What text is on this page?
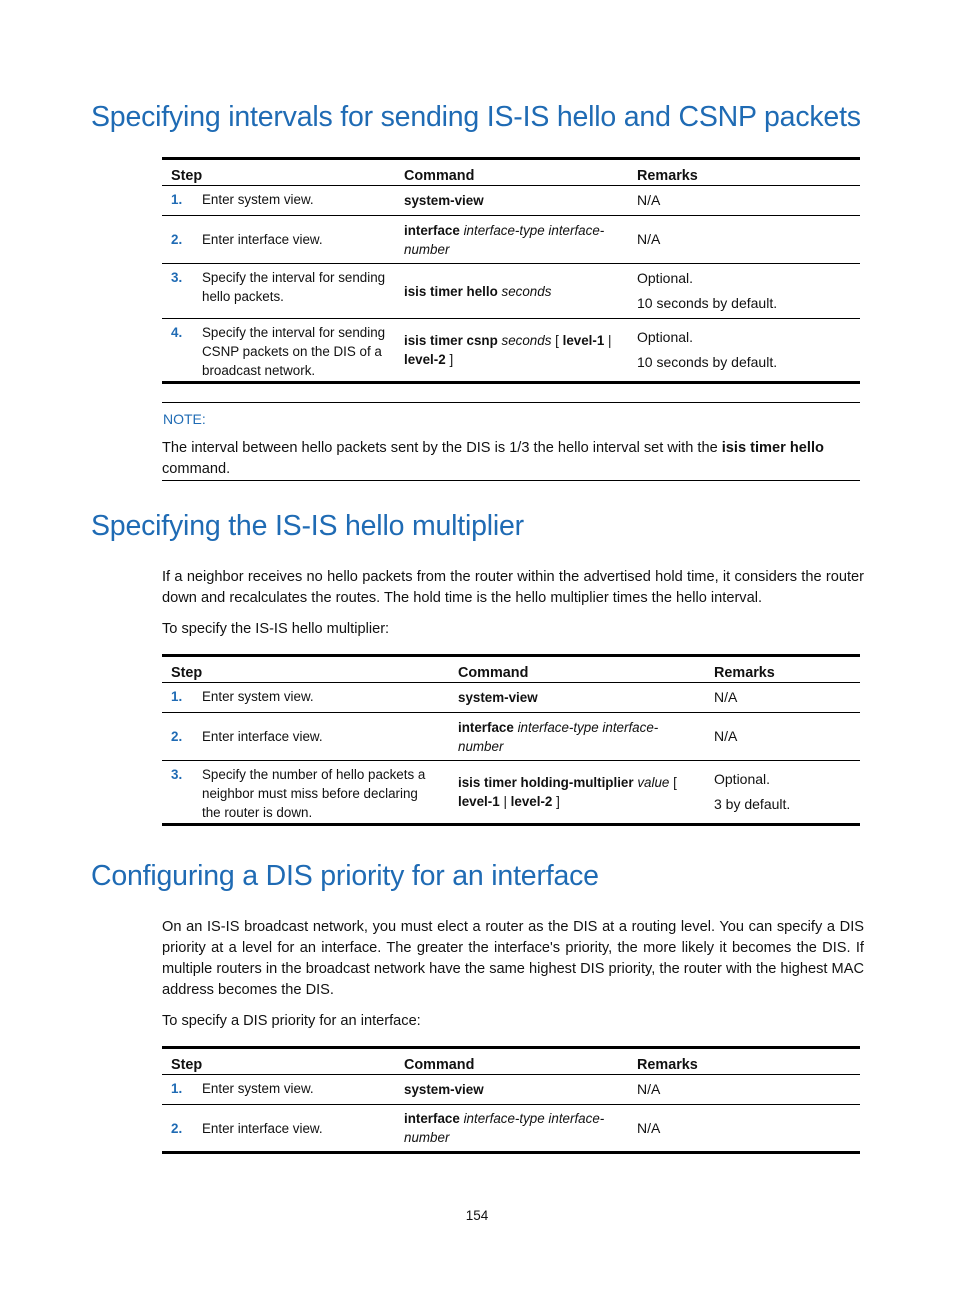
Specifying intervals for sending IS-IS hello and CSNP packets
Step		Command	Remarks
1.	Enter system view.	system-view	N/A
2.	Enter interface view.	interface interface-type interface-number	N/A
3.	Specify the interval for sending hello packets.	isis timer hello seconds	Optional.
10 seconds by default.

4.	Specify the interval for sending CSNP packets on the DIS of a broadcast network.	isis timer csnp seconds [ level-1 | level-2 ]	Optional.
10 seconds by default.
NOTE:
The interval between hello packets sent by the DIS is 1/3 the hello interval set with the isis timer hello command.
Specifying the IS-IS hello multiplier

If a neighbor receives no hello packets from the router within the advertised hold time, it considers the router down and recalculates the routes. The hold time is the hello multiplier times the hello interval.

To specify the IS-IS hello multiplier:

Step		Command	Remarks
1.	Enter system view.	system-view	N/A
2.	Enter interface view.	interface interface-type interface-number	N/A
3.	Specify the number of hello packets a neighbor must miss before declaring the router is down.	isis timer holding-multiplier value [ level-1 | level-2 ]	Optional.
3 by default.
Configuring a DIS priority for an interface

On an IS-IS broadcast network, you must elect a router as the DIS at a routing level. You can specify a DIS priority at a level for an interface. The greater the interface's priority, the more likely it becomes the DIS. If multiple routers in the broadcast network have the same highest DIS priority, the router with the highest MAC address becomes the DIS.

To specify a DIS priority for an interface:

Step		Command	Remarks
1.	Enter system view.	system-view	N/A
2.	Enter interface view.	interface interface-type interface-number	N/A
154
